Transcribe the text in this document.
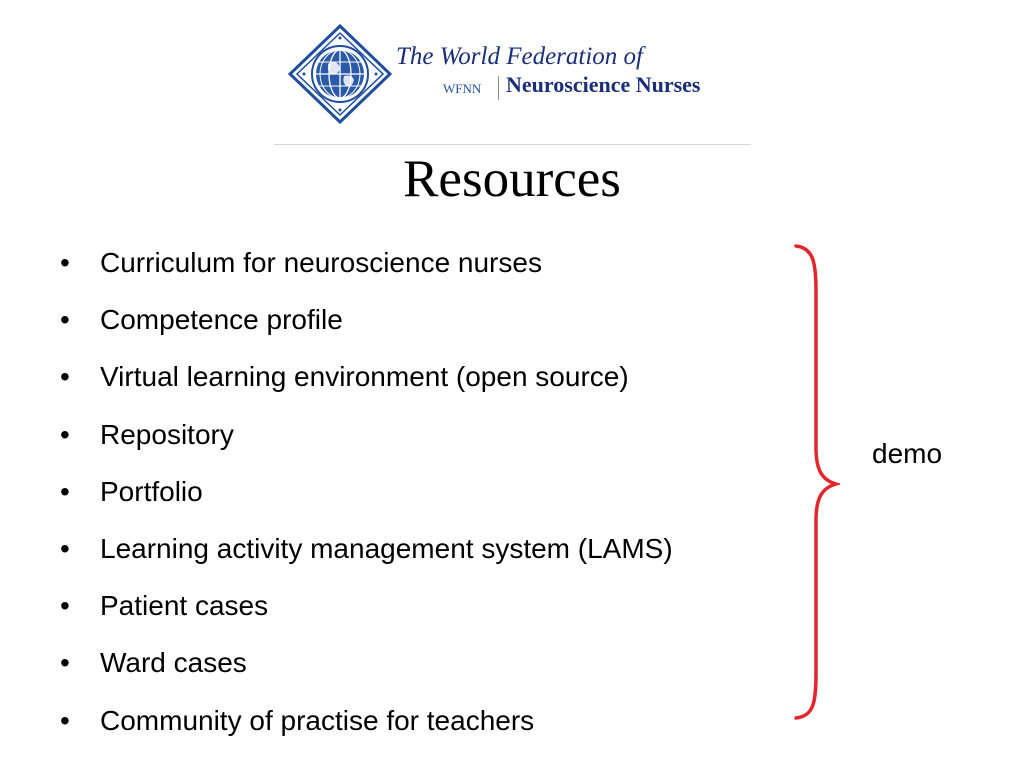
The World Federation of
WFNN Neuroscience Nurses
Resources
• Curriculum for neuroscience nurses
• Competence profile
• Virtual learning environment (open source)
• Repository
• Portfolio
• Learning activity management system (LAMS)
• Patient cases
• Ward cases
• Community of practise for teachers
demo
